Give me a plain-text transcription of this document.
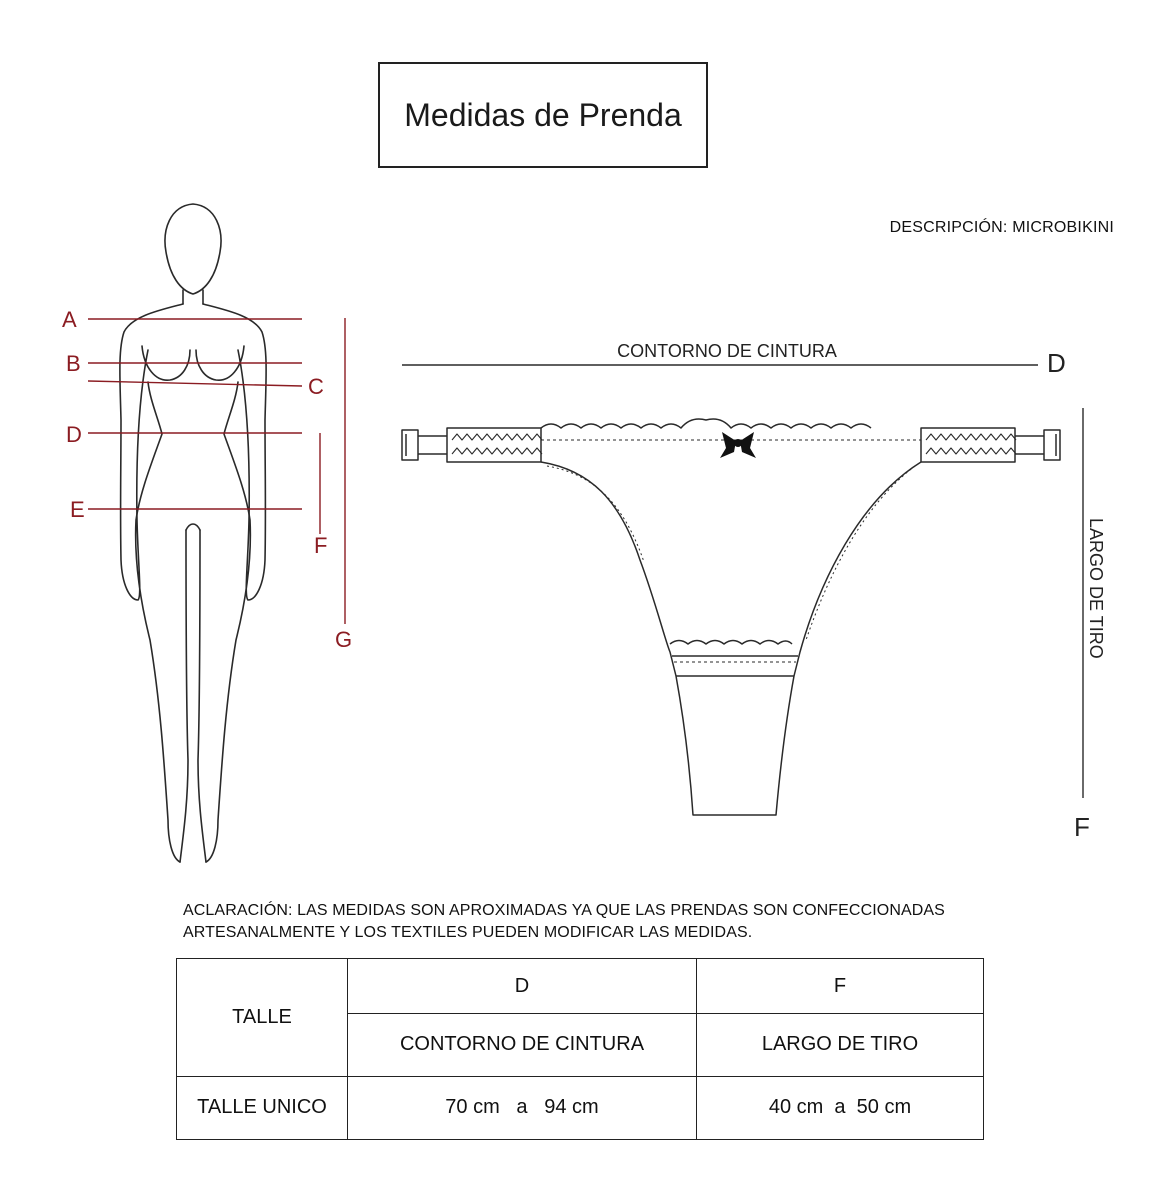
Medidas de Prenda
DESCRIPCIÓN: MICROBIKINI
A
B
C
D
E
F
G
CONTORNO DE CINTURA	D
LARGO DE TIRO
F
ACLARACIÓN: LAS MEDIDAS SON APROXIMADAS YA QUE LAS PRENDAS SON CONFECCIONADAS ARTESANALMENTE Y LOS TEXTILES PUEDEN MODIFICAR LAS MEDIDAS.
TALLE	D	F
	CONTORNO DE CINTURA	LARGO DE TIRO
TALLE UNICO	70 cm   a   94 cm	40 cm  a  50 cm
